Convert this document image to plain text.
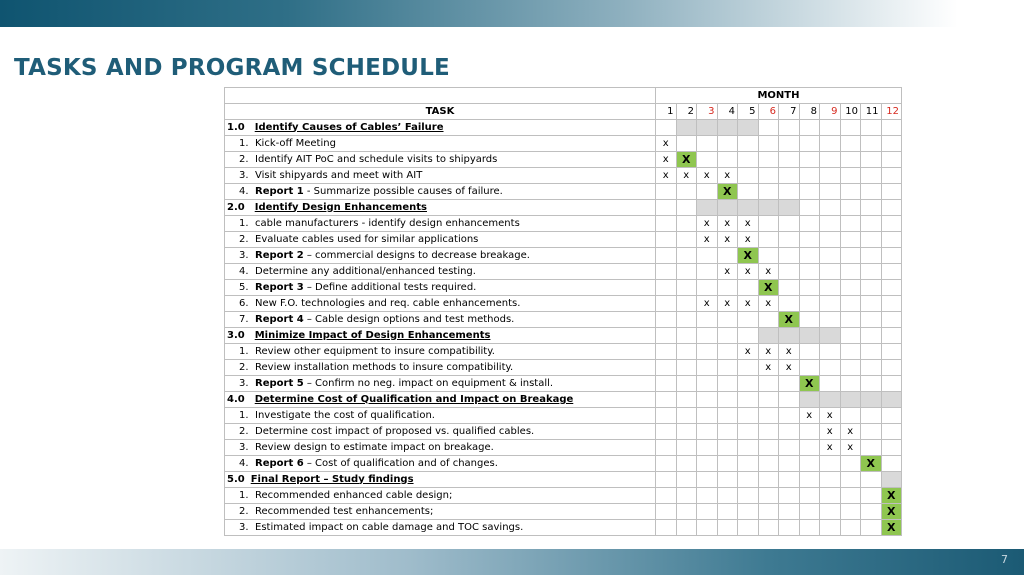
TASKS AND PROGRAM SCHEDULE
	MONTH											
TASK	1	2	3	4	5	6	7	8	9	10	11	12
1.0 Identify Causes of Cables’ Failure												
1. Kick-off Meeting	x											
2. Identify AIT PoC and schedule visits to shipyards	x	X										
3. Visit shipyards and meet with AIT	x	x	x	x								
4. Report 1 - Summarize possible causes of failure.				X								
2.0 Identify Design Enhancements												
1. cable manufacturers - identify design enhancements			x	x	x							
2. Evaluate cables used for similar applications			x	x	x							
3. Report 2 – commercial designs to decrease breakage.					X							
4. Determine any additional/enhanced testing.				x	x	x						
5. Report 3 – Define additional tests required.						X						
6. New F.O. technologies and req. cable enhancements.			x	x	x	x						
7. Report 4 – Cable design options and test methods.							X					
3.0 Minimize Impact of Design Enhancements												
1. Review other equipment to insure compatibility.					x	x	x					
2. Review installation methods to insure compatibility.						x	x					
3. Report 5 – Confirm no neg. impact on equipment & install.								X				
4.0 Determine Cost of Qualification and Impact on Breakage												
1. Investigate the cost of qualification.								x	x			
2. Determine cost impact of proposed vs. qualified cables.									x	x		
3. Review design to estimate impact on breakage.									x	x		
4. Report 6 – Cost of qualification and of changes.											X	
5.0 Final Report – Study findings												
1. Recommended enhanced cable design;												X
2. Recommended test enhancements;												X
3. Estimated impact on cable damage and TOC savings.												X
7
